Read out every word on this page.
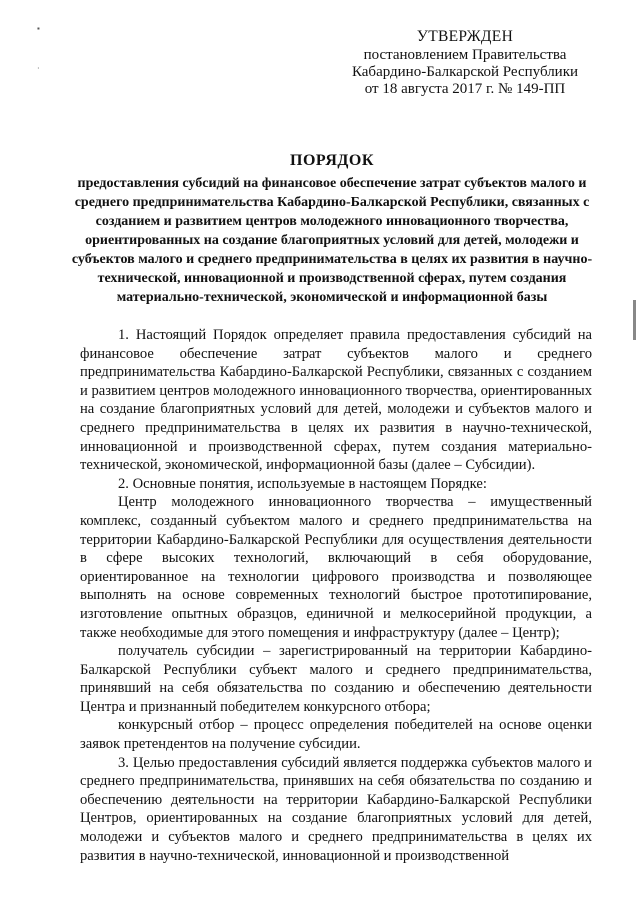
▪
·
УТВЕРЖДЕН
постановлением Правительства
Кабардино-Балкарской Республики
от 18 августа 2017 г. № 149-ПП
ПОРЯДОК
предоставления субсидий на финансовое обеспечение затрат субъектов малого и среднего предпринимательства Кабардино-Балкарской Республики, связанных с созданием и развитием центров молодежного инновационного творчества, ориентированных на создание благоприятных условий для детей, молодежи и субъектов малого и среднего предпринимательства в целях их развития в научно-технической, инновационной и производственной сферах, путем создания материально-технической, экономической и информационной базы

1. Настоящий Порядок определяет правила предоставления субсидий на финансовое обеспечение затрат субъектов малого и среднего предпринимательства Кабардино-Балкарской Республики, связанных с созданием и развитием центров молодежного инновационного творчества, ориентированных на создание благоприятных условий для детей, молодежи и субъектов малого и среднего предпринимательства в целях их развития в научно-технической, инновационной и производственной сферах, путем создания материально-технической, экономической, информационной базы (далее – Субсидии).

2. Основные понятия, используемые в настоящем Порядке:

Центр молодежного инновационного творчества – имущественный комплекс, созданный субъектом малого и среднего предпринимательства на территории Кабардино-Балкарской Республики для осуществления деятельности в сфере высоких технологий, включающий в себя оборудование, ориентированное на технологии цифрового производства и позволяющее выполнять на основе современных технологий быстрое прототипирование, изготовление опытных образцов, единичной и мелкосерийной продукции, а также необходимые для этого помещения и инфраструктуру (далее – Центр);

получатель субсидии – зарегистрированный на территории Кабардино-Балкарской Республики субъект малого и среднего предпринимательства, принявший на себя обязательства по созданию и обеспечению деятельности Центра и признанный победителем конкурсного отбора;

конкурсный отбор – процесс определения победителей на основе оценки заявок претендентов на получение субсидии.

3. Целью предоставления субсидий является поддержка субъектов малого и среднего предпринимательства, принявших на себя обязательства по созданию и обеспечению деятельности на территории Кабардино-Балкарской Республики Центров, ориентированных на создание благоприятных условий для детей, молодежи и субъектов малого и среднего предпринимательства в целях их развития в научно-технической, инновационной и производственной
